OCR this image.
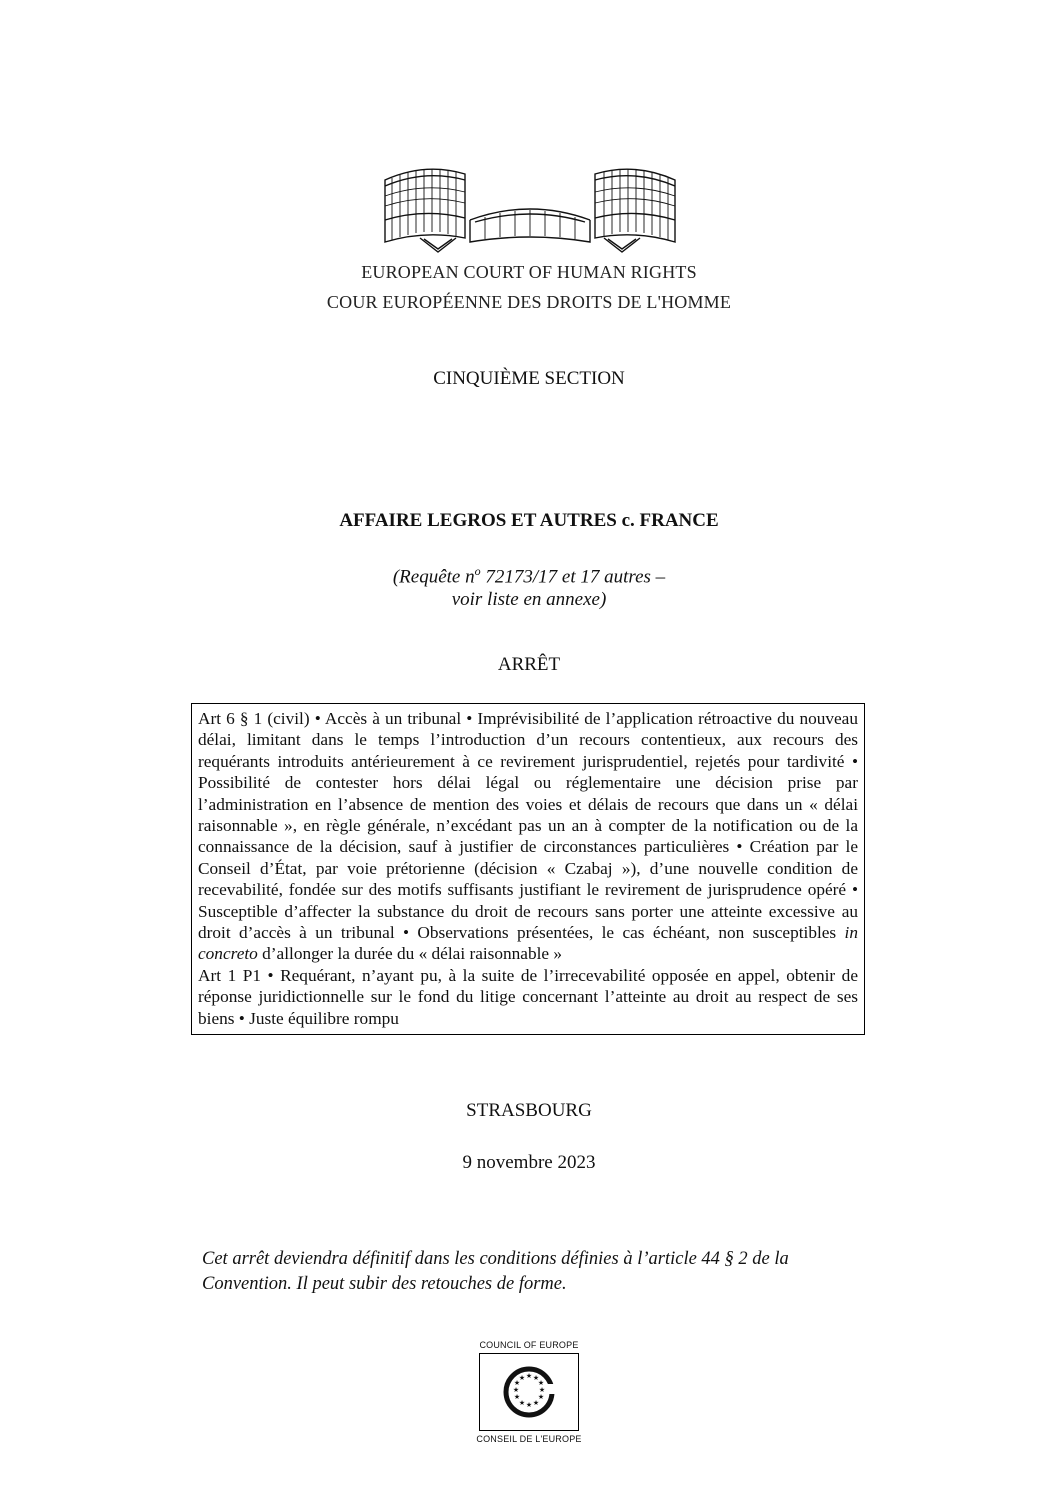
EUROPEAN COURT OF HUMAN RIGHTS
COUR EUROPÉENNE DES DROITS DE L'HOMME
CINQUIÈME SECTION
AFFAIRE LEGROS ET AUTRES c. FRANCE
(Requête $n^o$ 72173/17 et 17 autres –
voir liste en annexe)
ARRÊT

Art 6 § 1 (civil) • Accès à un tribunal • Imprévisibilité de l’application rétroactive du nouveau délai, limitant dans le temps l’introduction d’un recours contentieux, aux recours des requérants introduits antérieurement à ce revirement jurisprudentiel, rejetés pour tardivité • Possibilité de contester hors délai légal ou réglementaire une décision prise par l’administration en l’absence de mention des voies et délais de recours que dans un « délai raisonnable », en règle générale, n’excédant pas un an à compter de la notification ou de la connaissance de la décision, sauf à justifier de circonstances particulières • Création par le Conseil d’État, par voie prétorienne (décision « Czabaj »), d’une nouvelle condition de recevabilité, fondée sur des motifs suffisants justifiant le revirement de jurisprudence opéré • Susceptible d’affecter la substance du droit de recours sans porter une atteinte excessive au droit d’accès à un tribunal • Observations présentées, le cas échéant, non susceptibles in concreto d’allonger la durée du « délai raisonnable »

Art 1 P1 • Requérant, n’ayant pu, à la suite de l’irrecevabilité opposée en appel, obtenir de réponse juridictionnelle sur le fond du litige concernant l’atteinte au droit au respect de ses biens • Juste équilibre rompu

STRASBOURG
9 novembre 2023
Cet arrêt deviendra définitif dans les conditions définies à l’article 44 § 2 de la Convention. Il peut subir des retouches de forme.
COUNCIL OF EUROPE
★ ★
★
★
★
★
★
★
★
★
★
★
CONSEIL DE L'EUROPE
